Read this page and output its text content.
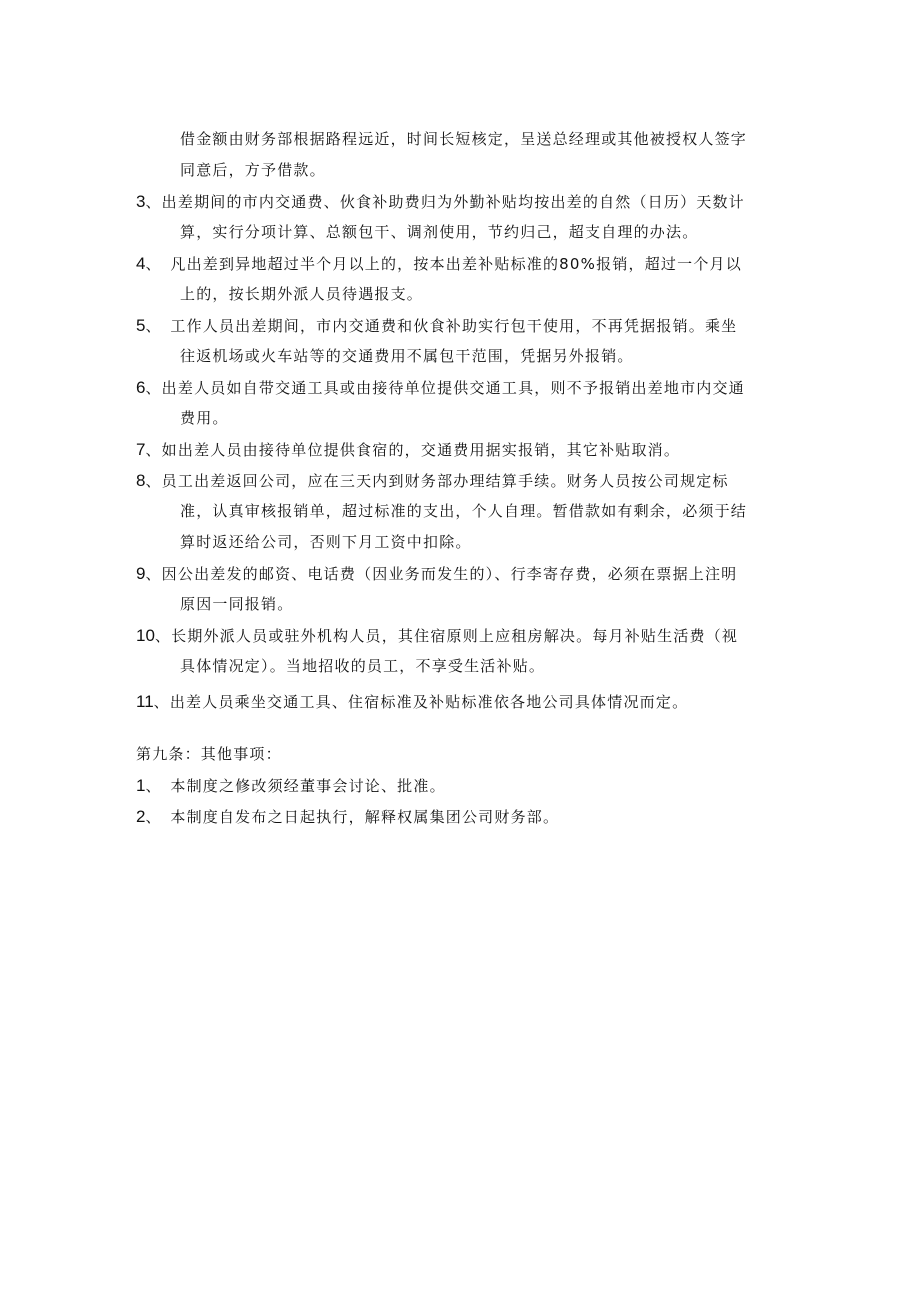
借金额由财务部根据路程远近，时间长短核定，呈送总经理或其他被授权人签字
同意后，方予借款。
3、出差期间的市内交通费、伙食补助费归为外勤补贴均按出差的自然（日历）天数计
算，实行分项计算、总额包干、调剂使用，节约归己，超支自理的办法。
4、　凡出差到异地超过半个月以上的，按本出差补贴标准的80%报销，超过一个月以
上的，按长期外派人员待遇报支。
5、　工作人员出差期间，市内交通费和伙食补助实行包干使用，不再凭据报销。乘坐
往返机场或火车站等的交通费用不属包干范围，凭据另外报销。
6、出差人员如自带交通工具或由接待单位提供交通工具，则不予报销出差地市内交通
费用。
7、如出差人员由接待单位提供食宿的，交通费用据实报销，其它补贴取消。
8、员工出差返回公司，应在三天内到财务部办理结算手续。财务人员按公司规定标
准，认真审核报销单，超过标准的支出，个人自理。暂借款如有剩余，必须于结
算时返还给公司，否则下月工资中扣除。
9、因公出差发的邮资、电话费（因业务而发生的）、行李寄存费，必须在票据上注明
原因一同报销。
10、长期外派人员或驻外机构人员，其住宿原则上应租房解决。每月补贴生活费（视
具体情况定）。当地招收的员工，不享受生活补贴。
11、出差人员乘坐交通工具、住宿标准及补贴标准依各地公司具体情况而定。
第九条：其他事项：
1、　本制度之修改须经董事会讨论、批准。
2、　本制度自发布之日起执行，解释权属集团公司财务部。
